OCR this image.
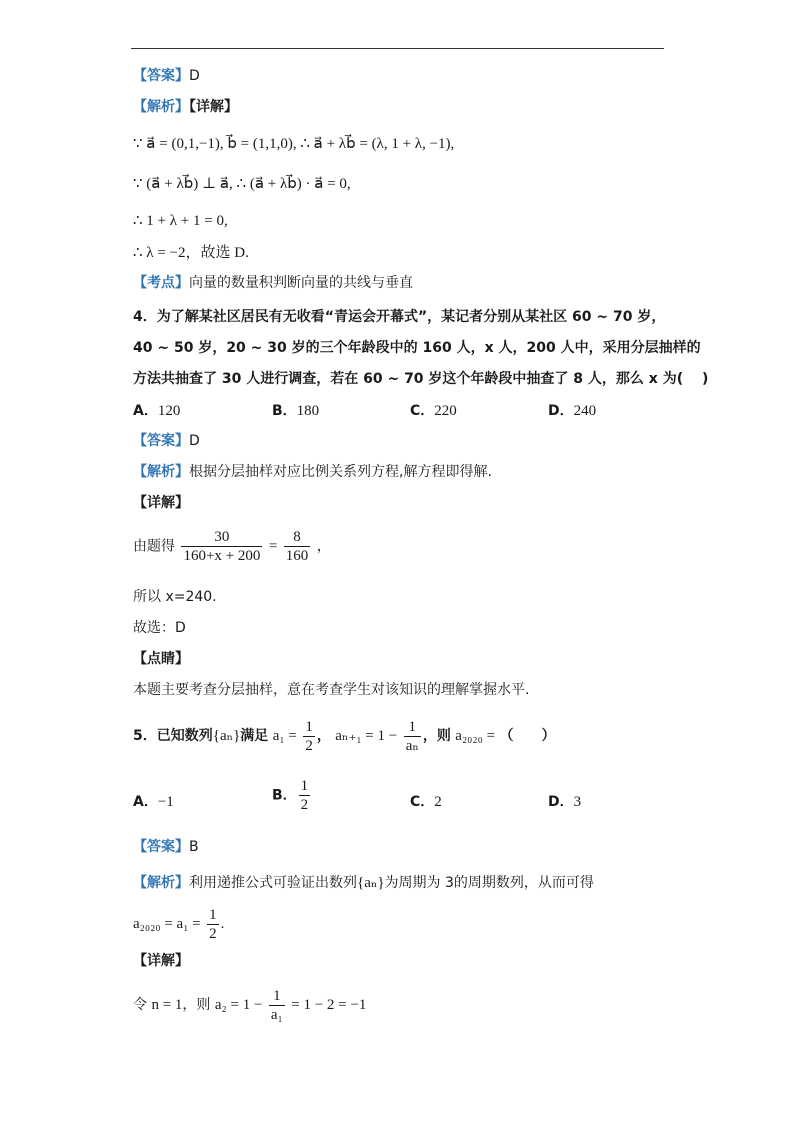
【答案】D
【解析】【详解】
∵ a⃗ = (0,1,−1), b⃗ = (1,1,0), ∴ a⃗ + λb⃗ = (λ, 1 + λ, −1),
∵ (a⃗ + λb⃗) ⊥ a⃗, ∴ (a⃗ + λb⃗) · a⃗ = 0,
∴ 1 + λ + 1 = 0,
∴ λ = −2，故选 D.
【考点】向量的数量积判断向量的共线与垂直
4．为了解某社区居民有无收看“青运会开幕式”，某记者分别从某社区 60 ~ 70 岁，
40 ~ 50 岁，20 ~ 30 岁的三个年龄段中的 160 人，x 人，200 人中，采用分层抽样的
方法共抽查了 30 人进行调查，若在 60 ~ 70 岁这个年龄段中抽查了 8 人，那么 x 为(　 )
A．120	B．180	C．220	D．240
【答案】D
【解析】根据分层抽样对应比例关系列方程,解方程即得解.
【详解】
由题得 $\frac{30}{160+x + 200} = \frac{8}{160}$ ，
所以 x=240.
故选：D
【点睛】
本题主要考查分层抽样，意在考查学生对该知识的理解掌握水平.
5．已知数列{aₙ}满足 $a_1 = \frac{1}{2}$ ， $a_{n+1} = 1 - \frac{1}{\text{aₙ}}$ ，则 a₂₀₂₀ = （　　）
A．−1	B． $\frac{1}{2}$	C．2	D．3
【答案】B
【解析】利用递推公式可验证出数列{aₙ}为周期为 3的周期数列，从而可得
$a_{2020} = a_1 = \frac{1}{2}$ .
【详解】
令 n = 1，则 $a_2 = 1 - \frac{1}{\text{a₁}} = 1 - 2 = -1$
